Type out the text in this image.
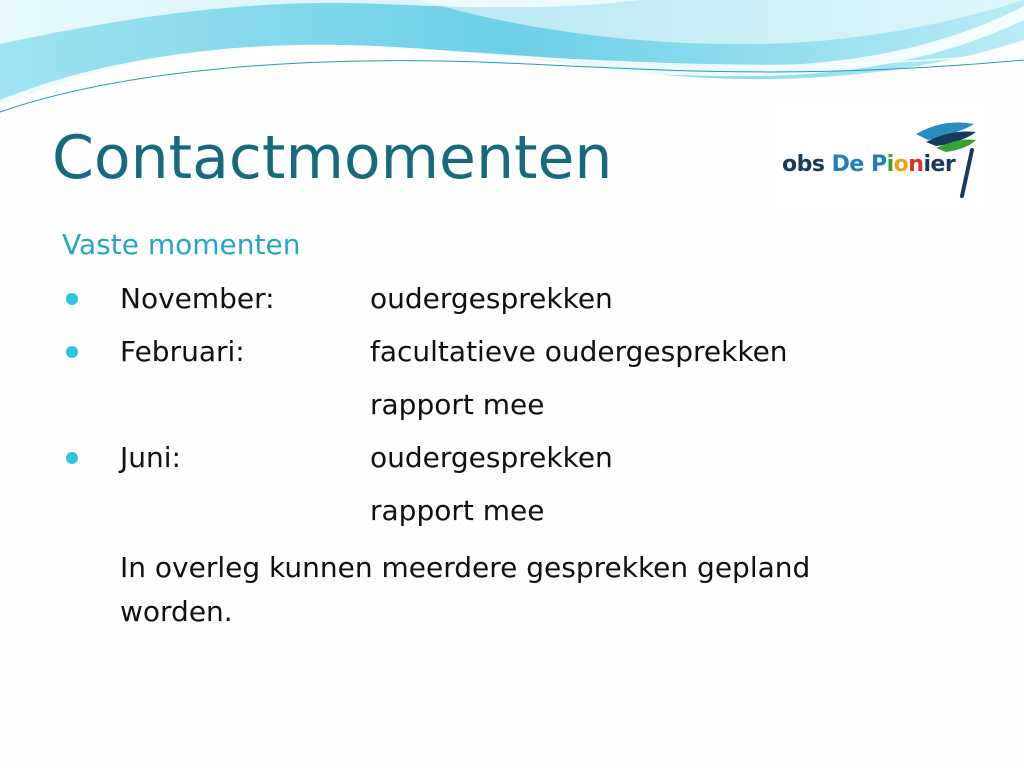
Contactmomenten	obs De Pionier
Vaste momenten
November:	oudergesprekken
Februari:	facultatieve oudergesprekken
rapport mee
Juni:	oudergesprekken
rapport mee
In overleg kunnen meerdere gesprekken gepland worden.
